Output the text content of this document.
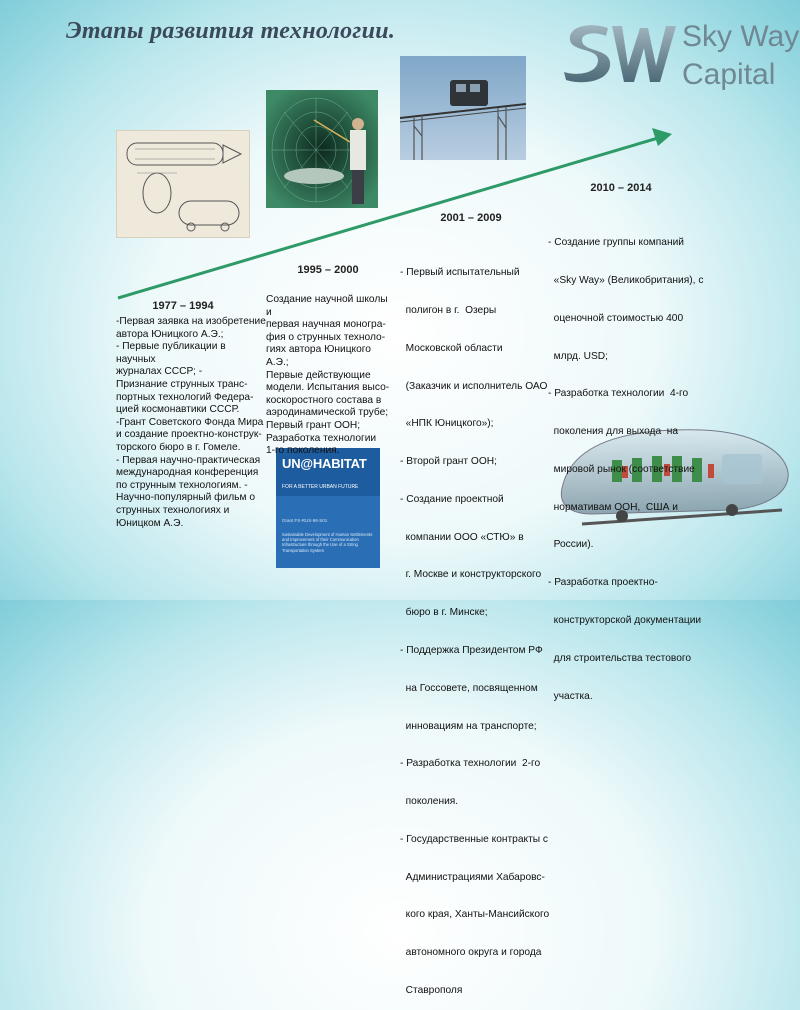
Этапы развития технологии.	Sky Way
Capital
UN@HABITAT
FOR A BETTER URBAN FUTURE
Grant FS-RUS-98-S01
Sustainable Development of Human Settlements and Improvement of their Communication Infrastructure through the Use of a String Transportation System
1977 – 1994
-Первая заявка на изобретение
автора Юницкого А.Э.;
- Первые публикации в научных
журналах СССР; -
Признание струнных транс-
портных технологий Федера-
цией космонавтики СССР.
-Грант Советского Фонда Мира
и создание проектно-конструк-
торского бюро в г. Гомеле.
- Первая научно-практическая
международная конференция
по струнным технологиям. -
Научно-популярный фильм о
струнных технологиях и
Юницком А.Э.
1995 – 2000
Создание научной школы и
первая научная моногра-
фия о струнных техноло-
гиях автора Юницкого А.Э.;
Первые действующие
модели. Испытания высо-
коскоростного состава в
аэродинамической трубе;
Первый грант ООН;
Разработка технологии
1-го поколения.
2001 – 2009

- Первый испытательный

полигон в г.  Озеры

Московской области

(Заказчик и исполнитель ОАО

«НПК Юницкого»);

- Второй грант ООН;

- Создание проектной

компании ООО «СТЮ» в

г. Москве и конструкторского

бюро в г. Минске;

- Поддержка Президентом РФ

на Госсовете, посвященном

инновациям на транспорте;

- Разработка технологии  2-го

поколения.

- Государственные контракты с

Администрациями Хабаровс-

кого края, Ханты-Мансийского

автономного округа и города

Ставрополя

2010 – 2014

- Создание группы компаний

«Sky Way» (Великобритания), с

оценочной стоимостью 400

млрд. USD;

- Разработка технологии  4-го

поколения для выхода  на

мировой рынок (соответствие

нормативам ООН,  США и

России).

- Разработка проектно-

конструкторской документации

для строительства тестового

участка.
